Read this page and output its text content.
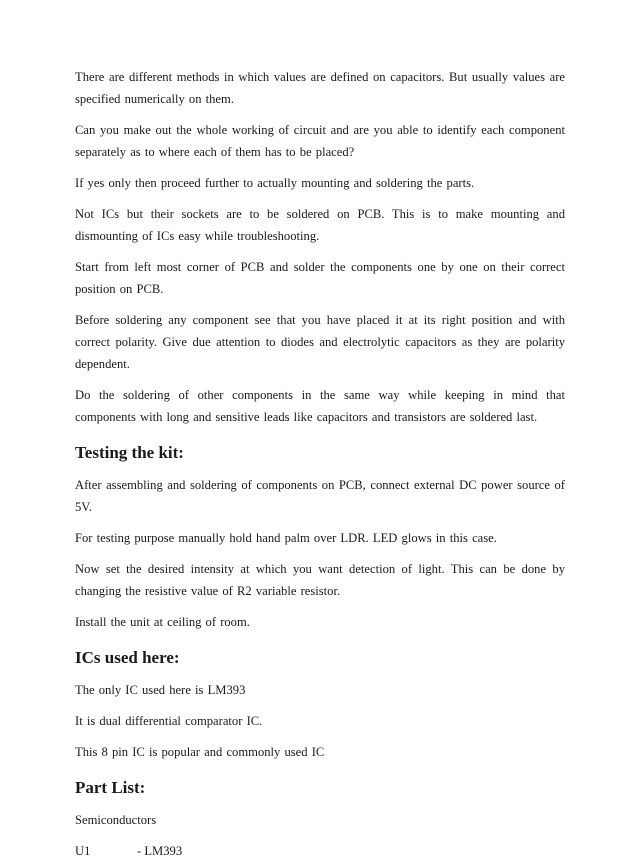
There are different methods in which values are defined on capacitors. But usually values are specified numerically on them.

Can you make out the whole working of circuit and are you able to identify each component separately as to where each of them has to be placed?

If yes only then proceed further to actually mounting and soldering the parts.

Not ICs but their sockets are to be soldered on PCB. This is to make mounting and dismounting of ICs easy while troubleshooting.

Start from left most corner of PCB and solder the components one by one on their correct position on PCB.

Before soldering any component see that you have placed it at its right position and with correct polarity. Give due attention to diodes and electrolytic capacitors as they are polarity dependent.

Do the soldering of other components in the same way while keeping in mind that components with long and sensitive leads like capacitors and transistors are soldered last.

Testing the kit:

After assembling and soldering of components on PCB, connect external DC power source of 5V.

For testing purpose manually hold hand palm over LDR. LED glows in this case.

Now set the desired intensity at which you want detection of light. This can be done by changing the resistive value of R2 variable resistor.

Install the unit at ceiling of room.

ICs used here:

The only IC used here is LM393

It is dual differential comparator IC.

This 8 pin IC is popular and commonly used IC

Part List:

Semiconductors

U1	- LM393
